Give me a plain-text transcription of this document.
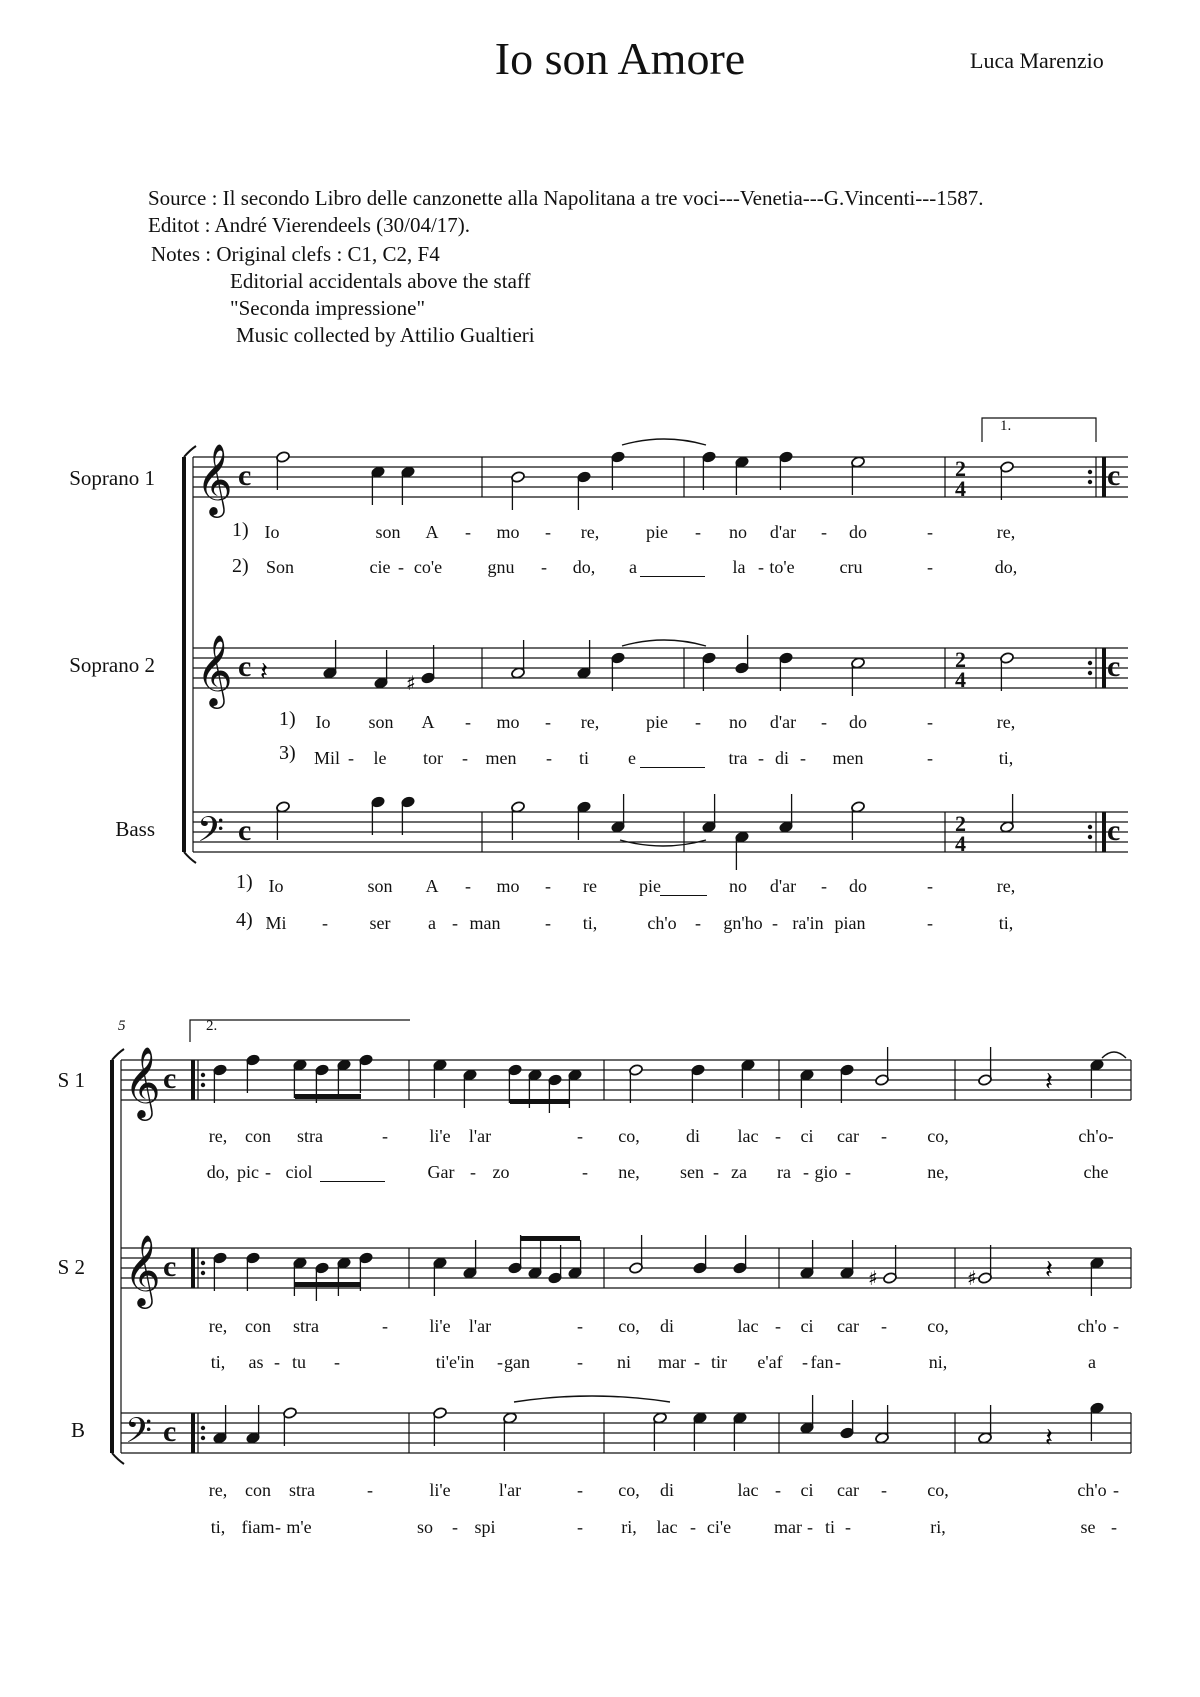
Io son Amore	Luca Marenzio
Source : Il secondo Libro delle canzonette alla Napolitana a tre voci---Venetia---G.Vincenti---1587.
Editot : André Vierendeels (30/04/17).
Notes : Original clefs : C1, C2, F4
Editorial accidentals above the staff
"Seconda impressione"
Music collected by Attilio Gualtieri
Soprano 1
Soprano 2
Bass
S 1
S 2
B
5
1.
2.
1)
2)
1)
3)
1)
4)
𝄞
𝄞
𝄢
𝄞
𝄞
𝄢
c
c
c
c
c
c
c
c
c
2
4
2
4
2
4
𝄽	♯
𝄽
♯	♯	𝄽
𝄽
Io	son A - mo - re,	pie - no d'ar - do	-	re,
Son	cie - co'e	gnu - do, a	la - to'e cru	-	do,
Io son A - mo - re,	pie - no d'ar - do	-	re,
Mil - le tor - men - ti e	tra - di - men	-	ti,
Io	son A - mo - re pie	no d'ar - do	-	re,
Mi - ser a - man - ti,	ch'o - gn'ho - ra'in pian	-	ti,
re, con stra	- li'e l'ar	- co,	di lac - ci car - co,	ch'o-
do, pic - ciol	Gar - zo	- ne, sen - za ra - gio -	ne,	che
re, con stra	- li'e l'ar	- co, di	lac - ci car - co,	ch'o -
ti, as - tu -	ti'e'in - gan	- ni mar - tir e'af - fan -	ni,	a
re, con stra	-	li'e	l'ar	- co, di	lac - ci car - co,	ch'o -
ti, fiam - m'e	so - spi	- ri, lac - ci'e mar - ti -	ri,	se -
